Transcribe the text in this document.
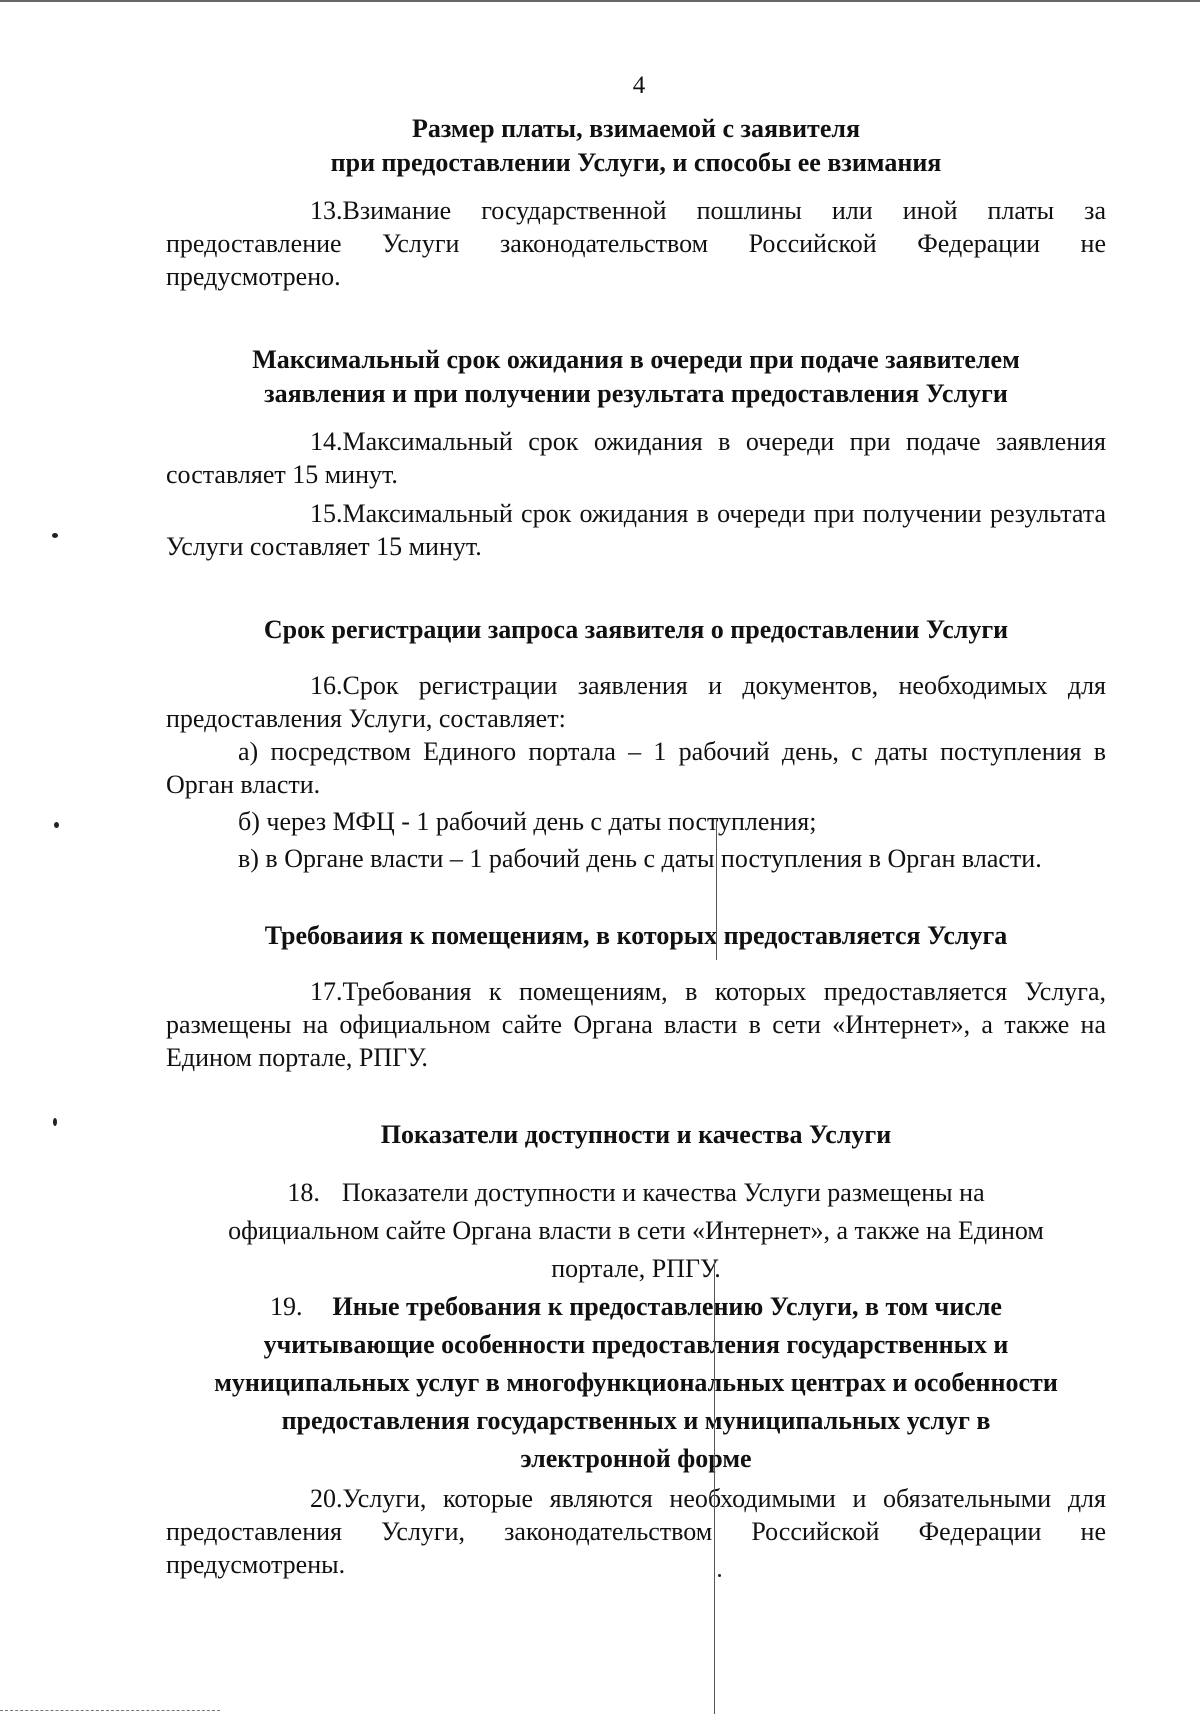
4
Размер платы, взимаемой с заявителя
при предоставлении Услуги, и способы ее взимания

13.Взимание государственной пошлины или иной платы за предоставление Услуги законодательством Российской Федерации не предусмотрено.

Максимальный срок ожидания в очереди при подаче заявителем
заявления и при получении результата предоставления Услуги

14.Максимальный срок ожидания в очереди при подаче заявления составляет 15 минут.

15.Максимальный срок ожидания в очереди при получении результата Услуги составляет 15 минут.

Срок регистрации запроса заявителя о предоставлении Услуги

16.Срок регистрации заявления и документов, необходимых для предоставления Услуги, составляет:

а) посредством Единого портала – 1 рабочий день, с даты поступления в Орган власти.

б) через МФЦ - 1 рабочий день с даты поступления;

в) в Органе власти – 1 рабочий день с даты поступления в Орган власти.

Требоваиия к помещениям, в которых предоставляется Услуга

17.Требования к помещениям, в которых предоставляется Услуга, размещены на официальном сайте Органа власти в сети «Интернет», а также на Едином портале, РПГУ.

Показатели доступности и качества Услуги

18. Показатели доступности и качества Услуги размещены на

официальном сайте Органа власти в сети «Интернет», а также на Едином

портале, РПГУ.

19. Иные требования к предоставлению Услуги, в том числе

учитывающие особенности предоставления государственных и

муниципальных услуг в многофункциональных центрах и особенности

предоставления государственных и муниципальных услуг в

электронной форме

20.Услуги, которые являются необходимыми и обязательными для предоставления Услуги, законодательством Российской Федерации не предусмотрены.
